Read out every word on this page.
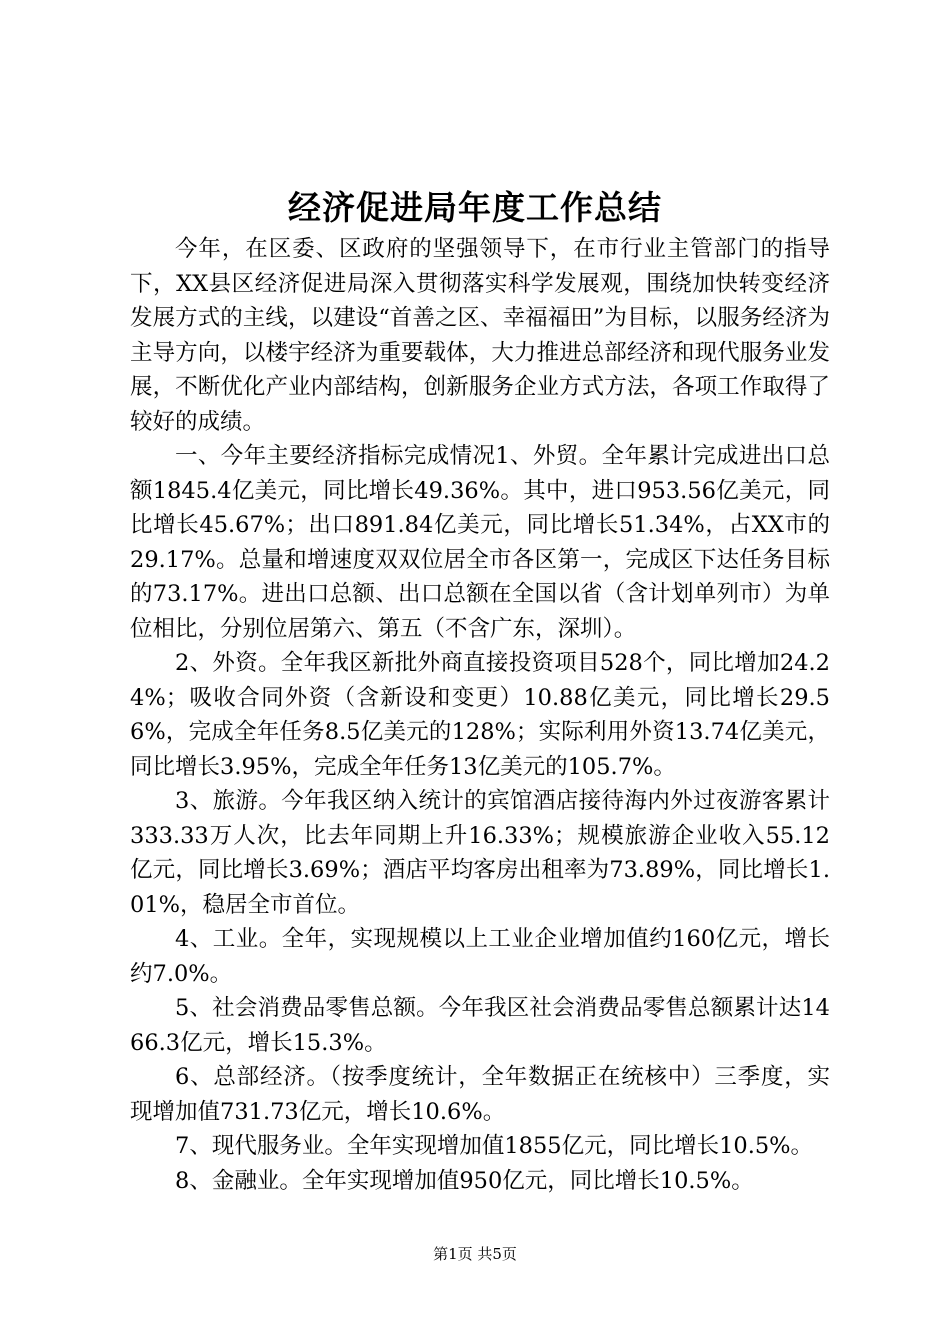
经济促进局年度工作总结

今年，在区委、区政府的坚强领导下，在市行业主管部门的指导下，XX县区经济促进局深入贯彻落实科学发展观，围绕加快转变经济发展方式的主线，以建设“首善之区、幸福福田”为目标，以服务经济为主导方向，以楼宇经济为重要载体，大力推进总部经济和现代服务业发展，不断优化产业内部结构，创新服务企业方式方法，各项工作取得了较好的成绩。

一、今年主要经济指标完成情况1、外贸。全年累计完成进出口总额1845.4亿美元，同比增长49.36%。其中，进口953.56亿美元，同比增长45.67%；出口891.84亿美元，同比增长51.34%，占XX市的29.17%。总量和增速度双双位居全市各区第一，完成区下达任务目标的73.17%。进出口总额、出口总额在全国以省（含计划单列市）为单位相比，分别位居第六、第五（不含广东，深圳）。

2、外资。全年我区新批外商直接投资项目528个，同比增加24.24%；吸收合同外资（含新设和变更）10.88亿美元，同比增长29.56%，完成全年任务8.5亿美元的128%；实际利用外资13.74亿美元，同比增长3.95%，完成全年任务13亿美元的105.7%。

3、旅游。今年我区纳入统计的宾馆酒店接待海内外过夜游客累计333.33万人次，比去年同期上升16.33%；规模旅游企业收入55.12亿元，同比增长3.69%；酒店平均客房出租率为73.89%，同比增长1.01%，稳居全市首位。

4、工业。全年，实现规模以上工业企业增加值约160亿元，增长约7.0%。

5、社会消费品零售总额。今年我区社会消费品零售总额累计达1466.3亿元，增长15.3%。

6、总部经济。（按季度统计，全年数据正在统核中）三季度，实现增加值731.73亿元，增长10.6%。

7、现代服务业。全年实现增加值1855亿元，同比增长10.5%。

8、金融业。全年实现增加值950亿元，同比增长10.5%。

第1页 共5页
